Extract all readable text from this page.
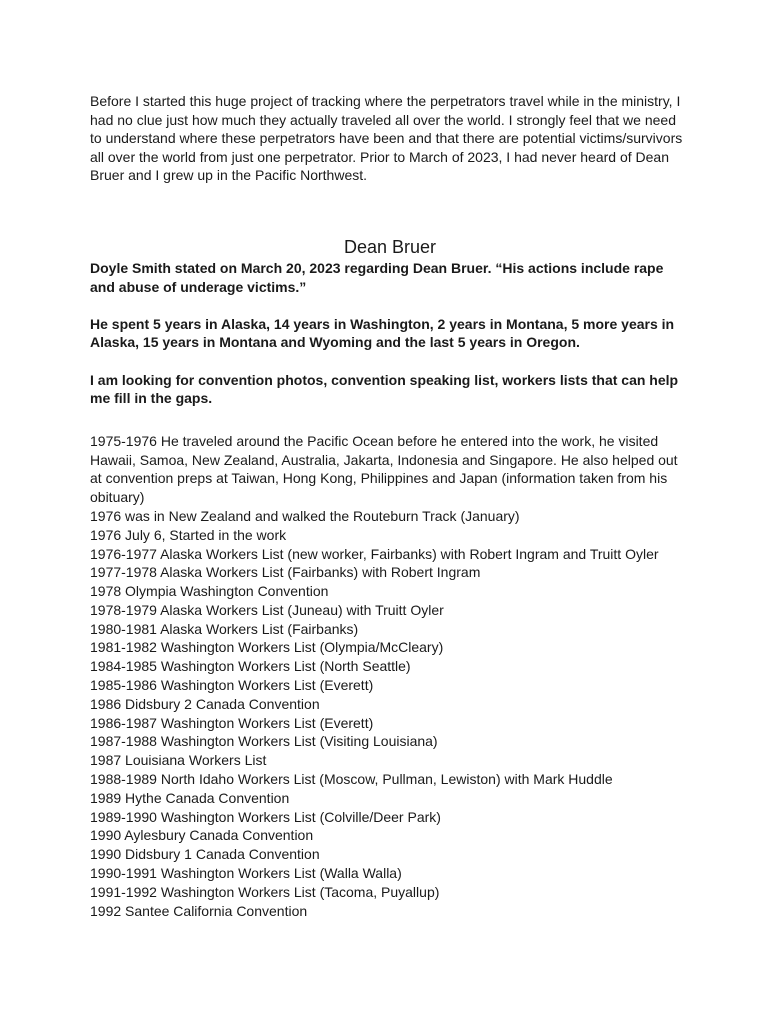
Before I started this huge project of tracking where the perpetrators travel while in the ministry, I had no clue just how much they actually traveled all over the world. I strongly feel that we need to understand where these perpetrators have been and that there are potential victims/survivors all over the world from just one perpetrator. Prior to March of 2023, I had never heard of Dean Bruer and I grew up in the Pacific Northwest.

Dean Bruer

Doyle Smith stated on March 20, 2023 regarding Dean Bruer. “His actions include rape and abuse of underage victims.”

He spent 5 years in Alaska, 14 years in Washington, 2 years in Montana, 5 more years in Alaska, 15 years in Montana and Wyoming and the last 5 years in Oregon.

I am looking for convention photos, convention speaking list, workers lists that can help me fill in the gaps.

1975-1976 He traveled around the Pacific Ocean before he entered into the work, he visited Hawaii, Samoa, New Zealand, Australia, Jakarta, Indonesia and Singapore. He also helped out at convention preps at Taiwan, Hong Kong, Philippines and Japan (information taken from his obituary)
1976 was in New Zealand and walked the Routeburn Track (January)
1976 July 6, Started in the work
1976-1977 Alaska Workers List (new worker, Fairbanks) with Robert Ingram and Truitt Oyler
1977-1978 Alaska Workers List (Fairbanks) with Robert Ingram
1978 Olympia Washington Convention
1978-1979 Alaska Workers List (Juneau) with Truitt Oyler
1980-1981 Alaska Workers List (Fairbanks)
1981-1982 Washington Workers List (Olympia/McCleary)
1984-1985 Washington Workers List (North Seattle)
1985-1986 Washington Workers List (Everett)
1986 Didsbury 2 Canada Convention
1986-1987 Washington Workers List (Everett)
1987-1988 Washington Workers List (Visiting Louisiana)
1987 Louisiana Workers List
1988-1989 North Idaho Workers List (Moscow, Pullman, Lewiston) with Mark Huddle
1989 Hythe Canada Convention
1989-1990 Washington Workers List (Colville/Deer Park)
1990 Aylesbury Canada Convention
1990 Didsbury 1 Canada Convention
1990-1991 Washington Workers List (Walla Walla)
1991-1992 Washington Workers List (Tacoma, Puyallup)
1992 Santee California Convention
